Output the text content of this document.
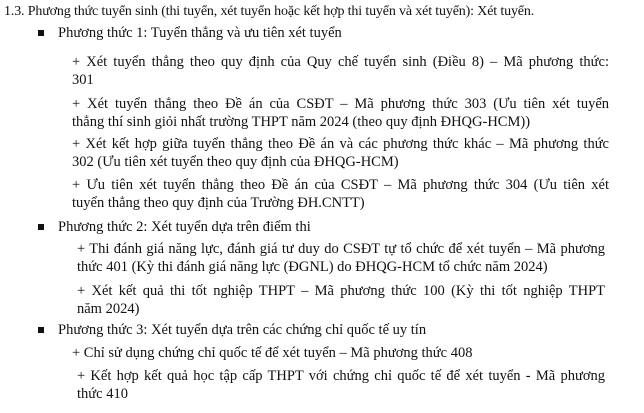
1.3. Phương thức tuyển sinh (thi tuyển, xét tuyển hoặc kết hợp thi tuyển và xét tuyển): Xét tuyển.
Phương thức 1: Tuyển thẳng và ưu tiên xét tuyển
+ Xét tuyển thẳng theo quy định của Quy chế tuyển sinh (Điều 8) – Mã phương thức:
301
+ Xét tuyển thẳng theo Đề án của CSĐT – Mã phương thức 303 (Ưu tiên xét tuyển
thẳng thí sinh giỏi nhất trường THPT năm 2024 (theo quy định ĐHQG-HCM))
+ Xét kết hợp giữa tuyển thẳng theo Đề án và các phương thức khác – Mã phương thức
302 (Ưu tiên xét tuyển theo quy định của ĐHQG-HCM)
+ Ưu tiên xét tuyển thẳng theo Đề án của CSĐT – Mã phương thức 304 (Ưu tiên xét
tuyển thẳng theo quy định của Trường ĐH.CNTT)
Phương thức 2: Xét tuyển dựa trên điểm thi
+ Thi đánh giá năng lực, đánh giá tư duy do CSĐT tự tổ chức để xét tuyển – Mã phương
thức 401 (Kỳ thi đánh giá năng lực (ĐGNL) do ĐHQG-HCM tổ chức năm 2024)
+ Xét kết quả thi tốt nghiệp THPT – Mã phương thức 100 (Kỳ thi tốt nghiệp THPT
năm 2024)
Phương thức 3: Xét tuyển dựa trên các chứng chỉ quốc tế uy tín
+ Chỉ sử dụng chứng chỉ quốc tế để xét tuyển – Mã phương thức 408
+ Kết hợp kết quả học tập cấp THPT với chứng chỉ quốc tế để xét tuyển - Mã phương
thức 410
